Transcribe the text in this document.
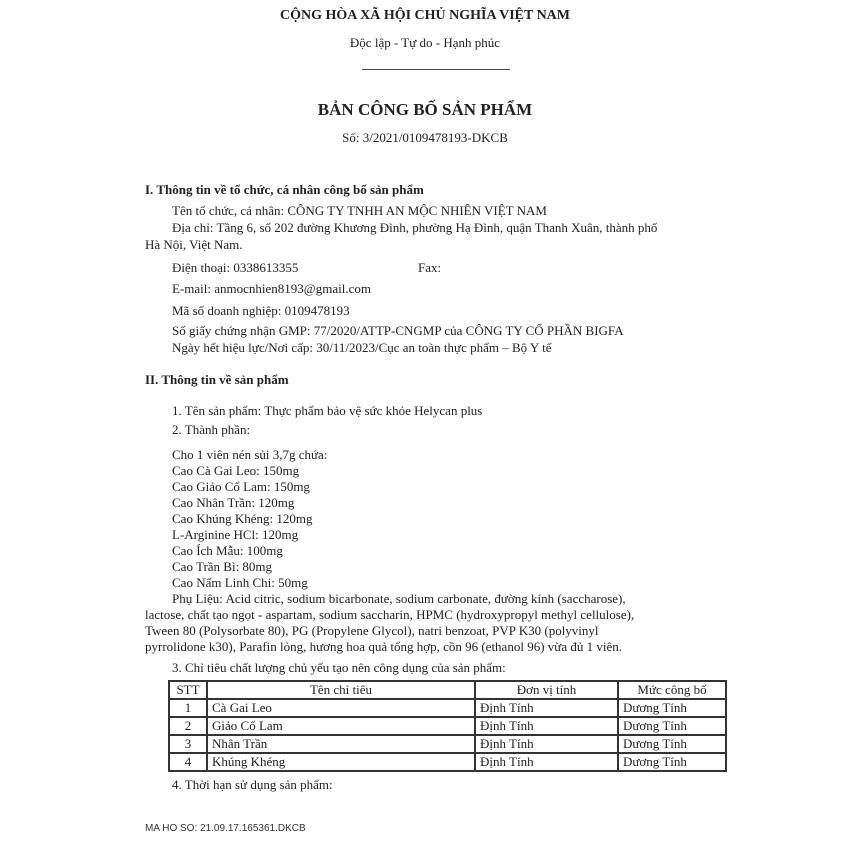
CỘNG HÒA XÃ HỘI CHỦ NGHĨA VIỆT NAM
Độc lập - Tự do - Hạnh phúc
BẢN CÔNG BỐ SẢN PHẨM
Số: 3/2021/0109478193-DKCB
I. Thông tin về tổ chức, cá nhân công bố sản phẩm
Tên tổ chức, cá nhân: CÔNG TY TNHH AN MỘC NHIÊN VIỆT NAM
Địa chỉ: Tầng 6, số 202 đường Khương Đình, phường Hạ Đình, quận Thanh Xuân, thành phố
Hà Nội, Việt Nam.
Điện thoại: 0338613355	Fax:
E-mail: anmocnhien8193@gmail.com
Mã số doanh nghiệp: 0109478193
Số giấy chứng nhận GMP: 77/2020/ATTP-CNGMP của CÔNG TY CỔ PHẦN BIGFA
Ngày hết hiệu lực/Nơi cấp: 30/11/2023/Cục an toàn thực phẩm – Bộ Y tế
II. Thông tin về sản phẩm
1. Tên sản phẩm: Thực phẩm bảo vệ sức khỏe Helycan plus
2. Thành phần:
Cho 1 viên nén sủi 3,7g chứa:
Cao Cà Gai Leo: 150mg
Cao Giảo Cổ Lam: 150mg
Cao Nhân Trần: 120mg
Cao Khúng Khéng: 120mg
L-Arginine HCl: 120mg
Cao Ích Mẫu: 100mg
Cao Trần Bì: 80mg
Cao Nấm Linh Chi: 50mg
Phụ Liệu: Acid citric, sodium bicarbonate, sodium carbonate, đường kính (saccharose),
lactose, chất tạo ngọt - aspartam, sodium saccharin, HPMC (hydroxypropyl methyl cellulose),
Tween 80 (Polysorbate 80), PG (Propylene Glycol), natri benzoat, PVP K30 (polyvinyl
pyrrolidone k30), Parafin lỏng, hương hoa quả tổng hợp, cồn 96 (ethanol 96) vừa đủ 1 viên.
3. Chỉ tiêu chất lượng chủ yếu tạo nên công dụng của sản phẩm:
STT	Tên chỉ tiêu	Đơn vị tính	Mức công bố
1	Cà Gai Leo	Định Tính	Dương Tính
2	Giảo Cổ Lam	Định Tính	Dương Tính
3	Nhân Trần	Định Tính	Dương Tính
4	Khúng Khéng	Định Tính	Dương Tính
4. Thời hạn sử dụng sản phẩm:
MA HO SO: 21.09.17.165361.DKCB
